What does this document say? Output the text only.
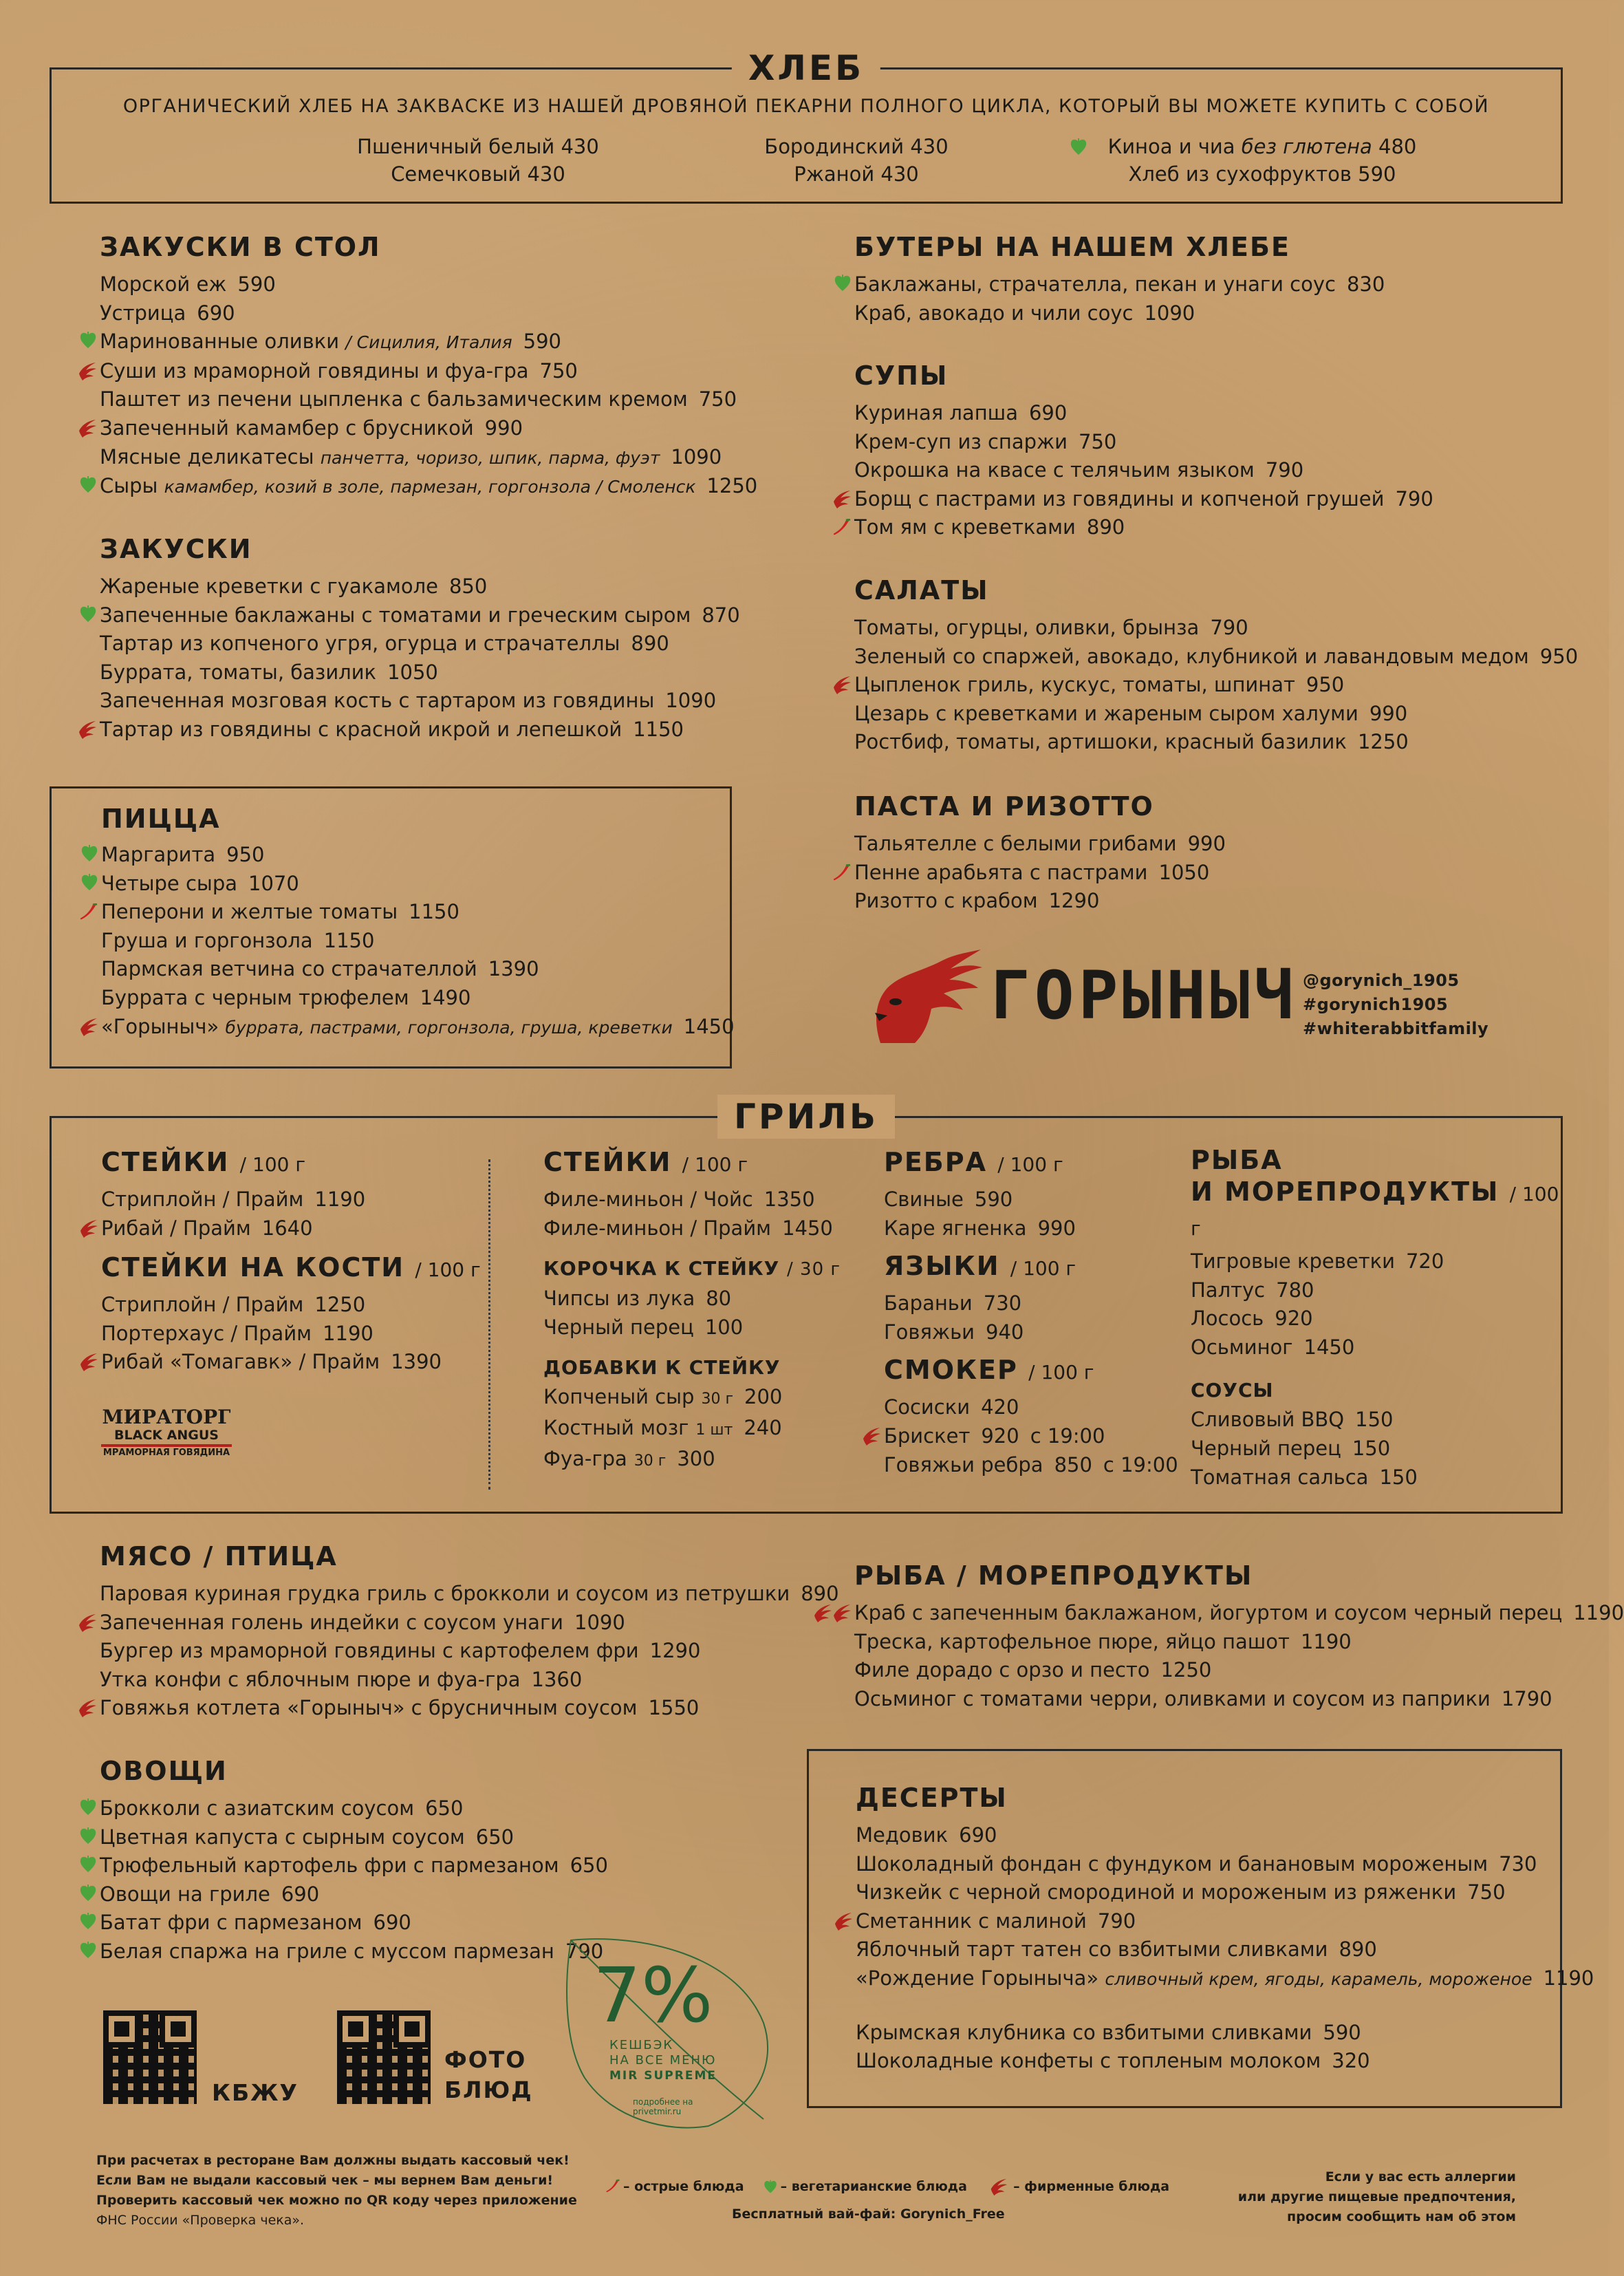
ХЛЕБ
ОРГАНИЧЕСКИЙ ХЛЕБ НА ЗАКВАСКЕ ИЗ НАШЕЙ ДРОВЯНОЙ ПЕКАРНИ ПОЛНОГО ЦИКЛА, КОТОРЫЙ ВЫ МОЖЕТЕ КУПИТЬ С СОБОЙ
Пшеничный белый 430
Семечковый 430
Бородинский 430
Ржаной 430
Киноа и чиа без глютена 480
Хлеб из сухофруктов 590
ЗАКУСКИ В СТОЛ
Морской еж 590
Устрица 690
Маринованные оливки / Сицилия, Италия 590
Суши из мраморной говядины и фуа-гра 750
Паштет из печени цыпленка с бальзамическим кремом 750
Запеченный камамбер с брусникой 990
Мясные деликатесы панчетта, чоризо, шпик, парма, фуэт 1090
Сыры камамбер, козий в золе, пармезан, горгонзола / Смоленск 1250
ЗАКУСКИ
Жареные креветки с гуакамоле 850
Запеченные баклажаны с томатами и греческим сыром 870
Тартар из копченого угря, огурца и страчателлы 890
Буррата, томаты, базилик 1050
Запеченная мозговая кость с тартаром из говядины 1090
Тартар из говядины с красной икрой и лепешкой 1150
ПИЦЦА
Маргарита 950
Четыре сыра 1070
Пеперони и желтые томаты 1150
Груша и горгонзола 1150
Пармская ветчина со страчателлой 1390
Буррата с черным трюфелем 1490
«Горыныч» буррата, пастрами, горгонзола, груша, креветки 1450
БУТЕРЫ НА НАШЕМ ХЛЕБЕ
Баклажаны, страчателла, пекан и унаги соус 830
Краб, авокадо и чили соус 1090
СУПЫ
Куриная лапша 690
Крем-суп из спаржи 750
Окрошка на квасе с телячьим языком 790
Борщ с пастрами из говядины и копченой грушей 790
Том ям с креветками 890
САЛАТЫ
Томаты, огурцы, оливки, брынза 790
Зеленый со спаржей, авокадо, клубникой и лавандовым медом 950
Цыпленок гриль, кускус, томаты, шпинат 950
Цезарь с креветками и жареным сыром халуми 990
Ростбиф, томаты, артишоки, красный базилик 1250
ПАСТА И РИЗОТТО
Тальятелле с белыми грибами 990
Пенне арабьята с пастрами 1050
Ризотто с крабом 1290
ГОРЫНЫЧ @gorynich_1905
#gorynich1905
#whiterabbitfamily
ГРИЛЬ
СТЕЙКИ / 100 г
Стриплойн / Прайм 1190
Рибай / Прайм 1640
СТЕЙКИ НА КОСТИ / 100 г
Стриплойн / Прайм 1250
Портерхаус / Прайм 1190
Рибай «Томагавк» / Прайм 1390
МИРАТОРГ
BLACK ANGUS
МРАМОРНАЯ ГОВЯДИНА
СТЕЙКИ / 100 г
Филе-миньон / Чойс 1350
Филе-миньон / Прайм 1450
КОРОЧКА К СТЕЙКУ / 30 г
Чипсы из лука 80
Черный перец 100
ДОБАВКИ К СТЕЙКУ
Копченый сыр 30 г 200
Костный мозг 1 шт 240
Фуа-гра 30 г 300
РЕБРА / 100 г
Свиные 590
Каре ягненка 990
ЯЗЫКИ / 100 г
Бараньи 730
Говяжьи 940
СМОКЕР / 100 г
Сосиски 420
Брискет 920 с 19:00
Говяжьи ребра 850 с 19:00
РЫБА
И МОРЕПРОДУКТЫ / 100 г
Тигровые креветки 720
Палтус 780
Лосось 920
Осьминог 1450
СОУСЫ
Сливовый BBQ 150
Черный перец 150
Томатная сальса 150
МЯСО / ПТИЦА
Паровая куриная грудка гриль с брокколи и соусом из петрушки 890
Запеченная голень индейки с соусом унаги 1090
Бургер из мраморной говядины с картофелем фри 1290
Утка конфи с яблочным пюре и фуа-гра 1360
Говяжья котлета «Горыныч» с брусничным соусом 1550
ОВОЩИ
Брокколи с азиатским соусом 650
Цветная капуста с сырным соусом 650
Трюфельный картофель фри с пармезаном 650
Овощи на гриле 690
Батат фри с пармезаном 690
Белая спаржа на гриле с муссом пармезан 790
КБЖУ
ФОТО
БЛЮД
7%
КЕШБЭК
НА ВСЕ МЕНЮ
MIR SUPREME
подробнее на privetmir.ru
РЫБА / МОРЕПРОДУКТЫ
Краб с запеченным баклажаном, йогуртом и соусом черный перец 1190
Треска, картофельное пюре, яйцо пашот 1190
Филе дорадо с орзо и песто 1250
Осьминог с томатами черри, оливками и соусом из паприки 1790
ДЕСЕРТЫ
Медовик 690
Шоколадный фондан с фундуком и банановым мороженым 730
Чизкейк с черной смородиной и мороженым из ряженки 750
Сметанник с малиной 790
Яблочный тарт татен со взбитыми сливками 890
«Рождение Горыныча» сливочный крем, ягоды, карамель, мороженое 1190
Крымская клубника со взбитыми сливками 590
Шоколадные конфеты с топленым молоком 320
При расчетах в ресторане Вам должны выдать кассовый чек!
Если Вам не выдали кассовый чек – мы вернем Вам деньги!
Проверить кассовый чек можно по QR коду через приложение
ФНС России «Проверка чека».
– острые блюда	– вегетарианские блюда	– фирменные блюда
Бесплатный вай-фай: Gorynich_Free
Если у вас есть аллергии
или другие пищевые предпочтения,
просим сообщить нам об этом
